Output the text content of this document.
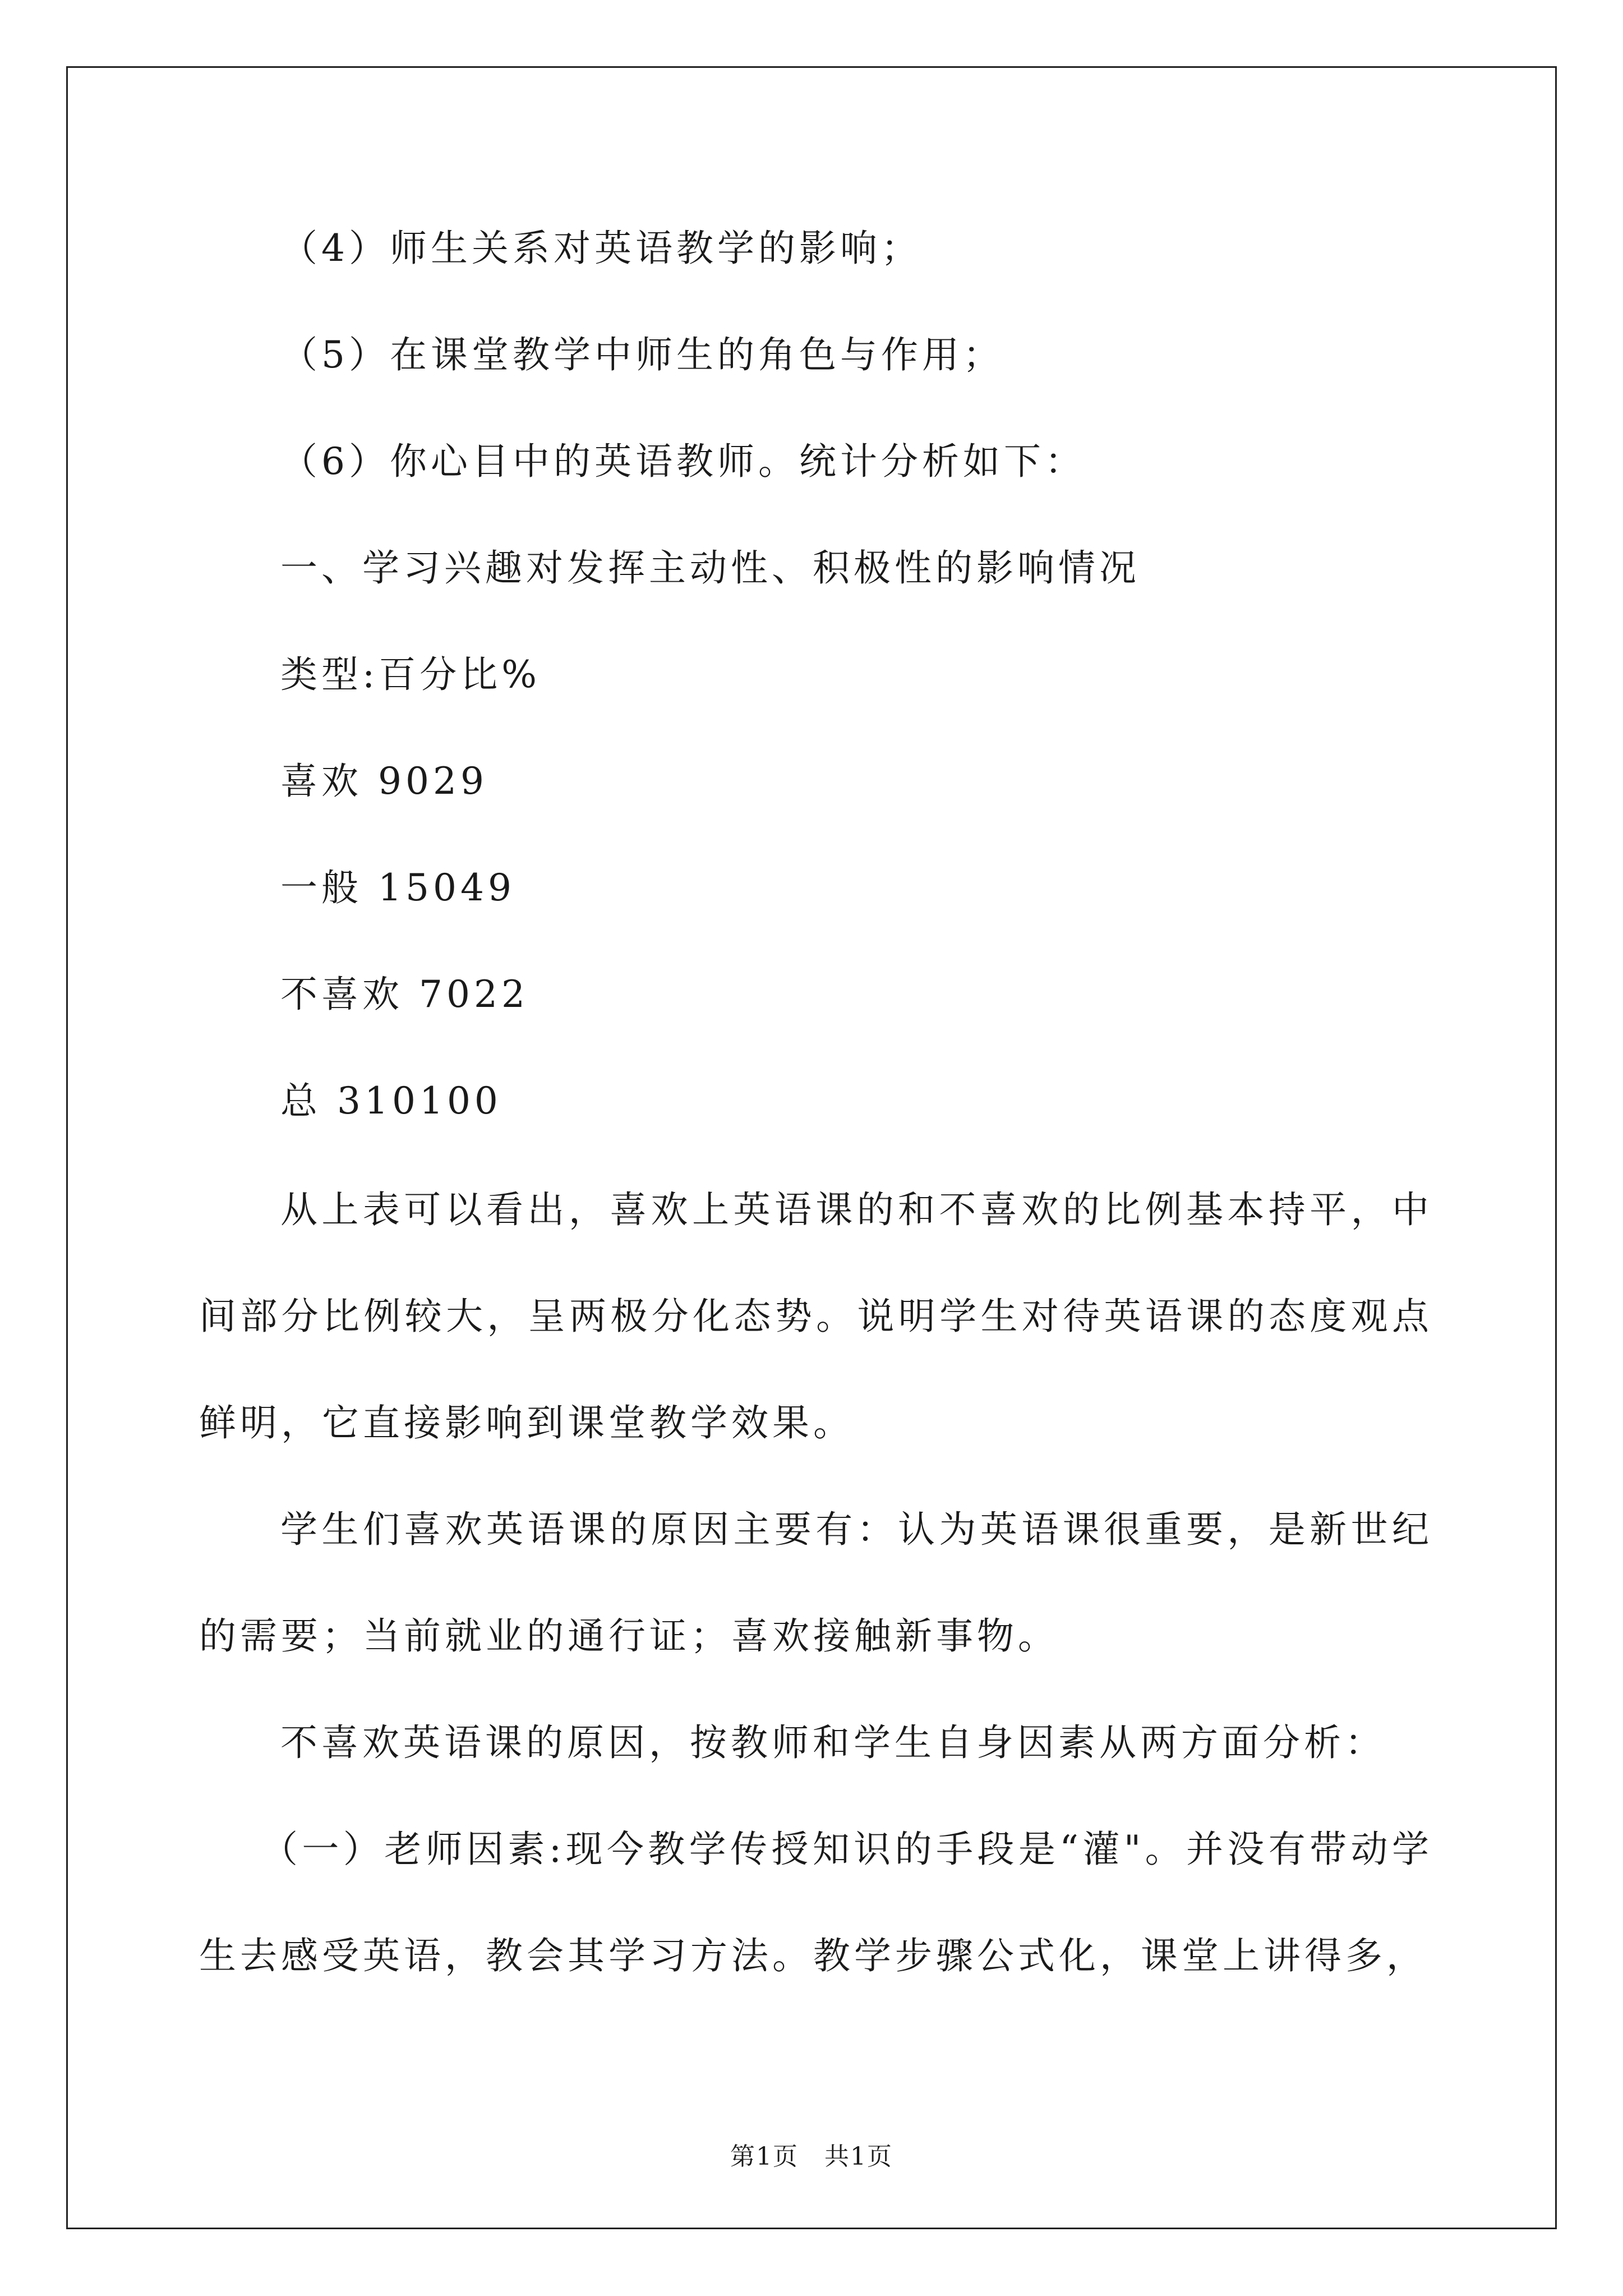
（4）师生关系对英语教学的影响；
（5）在课堂教学中师生的角色与作用；
（6）你心目中的英语教师。统计分析如下：
一、学习兴趣对发挥主动性、积极性的影响情况
类型:百分比%
喜欢 9029
一般 15049
不喜欢 7022
总 310100
从上表可以看出，喜欢上英语课的和不喜欢的比例基本持平，中间部分比例较大，呈两极分化态势。说明学生对待英语课的态度观点鲜明，它直接影响到课堂教学效果。
学生们喜欢英语课的原因主要有：认为英语课很重要，是新世纪的需要；当前就业的通行证；喜欢接触新事物。
不喜欢英语课的原因，按教师和学生自身因素从两方面分析：
（一）老师因素:现今教学传授知识的手段是“灌"。并没有带动学生去感受英语，教会其学习方法。教学步骤公式化，课堂上讲得多，
第1页　共1页
